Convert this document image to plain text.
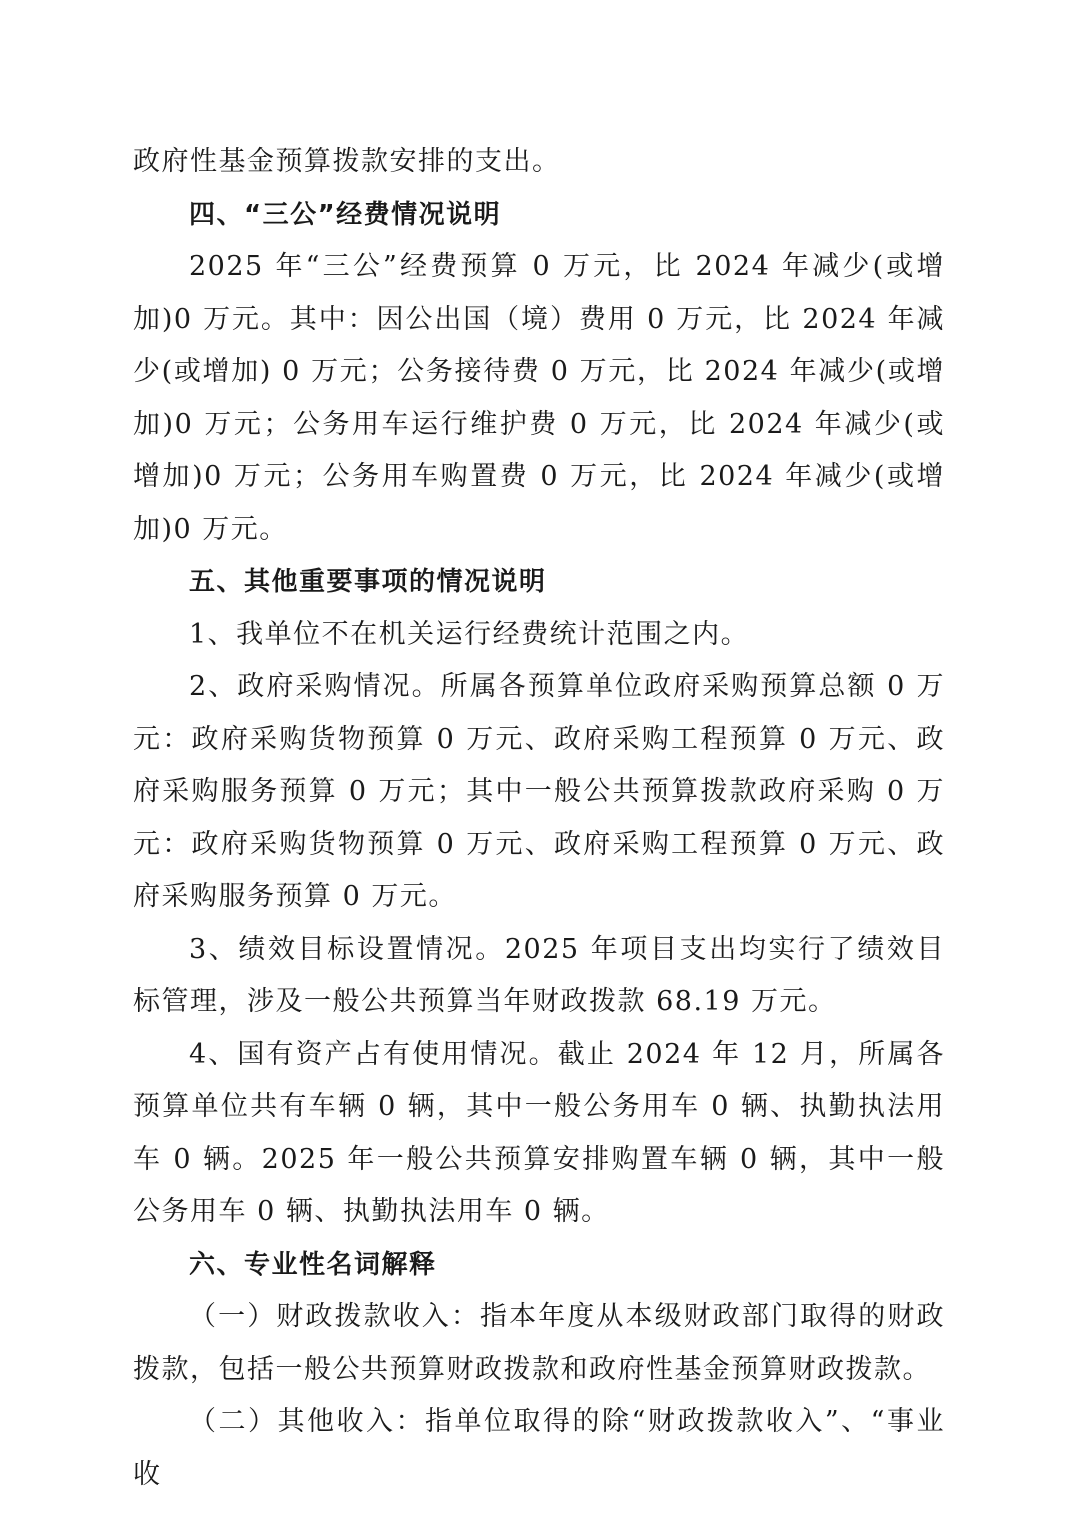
政府性基金预算拨款安排的支出。

四、“三公”经费情况说明

2025 年“三公”经费预算 0 万元，比 2024 年减少(或增加)0 万元。其中：因公出国（境）费用 0 万元，比 2024 年减少(或增加) 0 万元；公务接待费 0 万元，比 2024 年减少(或增加)0 万元；公务用车运行维护费 0 万元，比 2024 年减少(或增加)0 万元；公务用车购置费 0 万元，比 2024 年减少(或增加)0 万元。

五、其他重要事项的情况说明

1、我单位不在机关运行经费统计范围之内。

2、政府采购情况。所属各预算单位政府采购预算总额 0 万元：政府采购货物预算 0 万元、政府采购工程预算 0 万元、政府采购服务预算 0 万元；其中一般公共预算拨款政府采购 0 万元：政府采购货物预算 0 万元、政府采购工程预算 0 万元、政府采购服务预算 0 万元。

3、绩效目标设置情况。2025 年项目支出均实行了绩效目标管理，涉及一般公共预算当年财政拨款 68.19 万元。

4、国有资产占有使用情况。截止 2024 年 12 月，所属各预算单位共有车辆 0 辆，其中一般公务用车 0 辆、执勤执法用车 0 辆。2025 年一般公共预算安排购置车辆 0 辆，其中一般公务用车 0 辆、执勤执法用车 0 辆。

六、专业性名词解释

（一）财政拨款收入：指本年度从本级财政部门取得的财政拨款，包括一般公共预算财政拨款和政府性基金预算财政拨款。

（二）其他收入：指单位取得的除“财政拨款收入”、“事业收
